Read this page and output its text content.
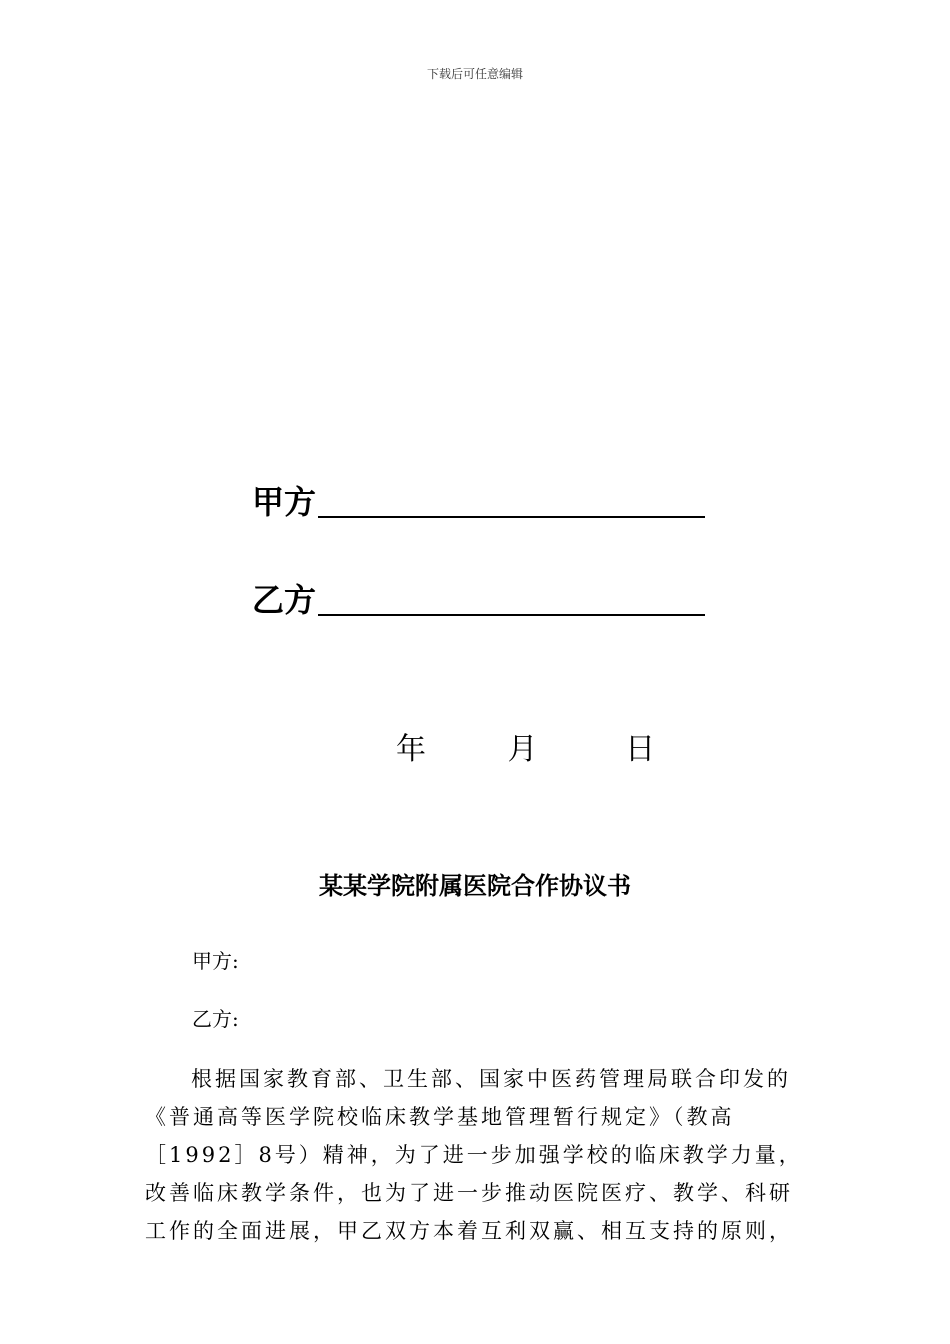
下载后可任意编辑
甲方
乙方
年	月	日
某某学院附属医院合作协议书
甲方:
乙方:
根据国家教育部、卫生部、国家中医药管理局联合印发的
《普通高等医学院校临床教学基地管理暂行规定》（教高
［1992］8号）精神，为了进一步加强学校的临床教学力量，
改善临床教学条件，也为了进一步推动医院医疗、教学、科研
工作的全面进展，甲乙双方本着互利双赢、相互支持的原则，
